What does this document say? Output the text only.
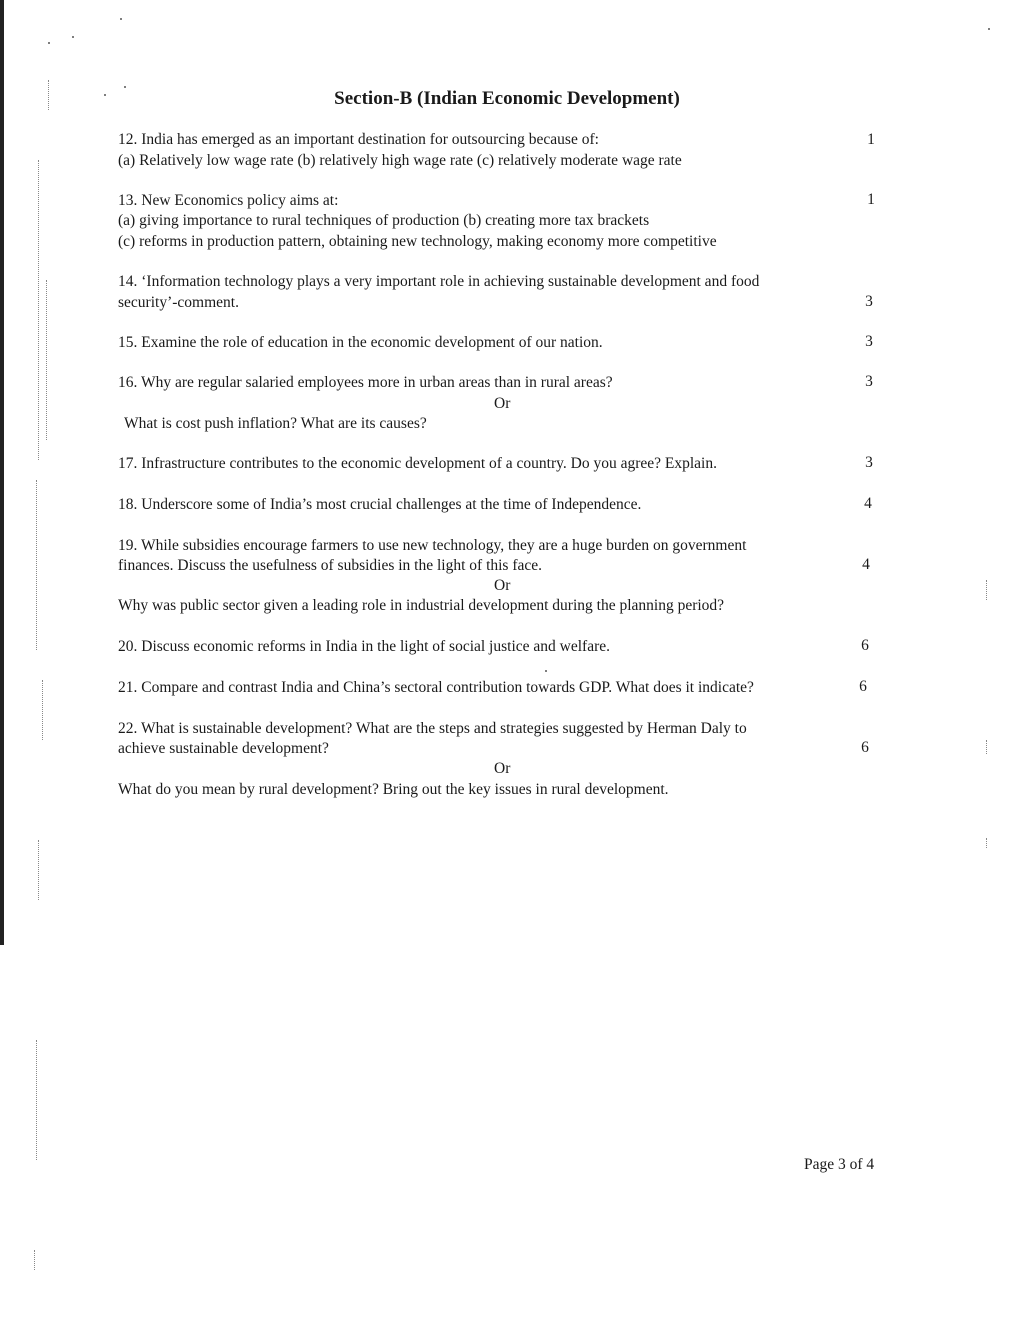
Section-B (Indian Economic Development)
12. India has emerged as an important destination for outsourcing because of:
(a) Relatively low wage rate (b) relatively high wage rate (c) relatively moderate wage rate
1
13. New Economics policy aims at:
(a) giving importance to rural techniques of production (b) creating more tax brackets
(c) reforms in production pattern, obtaining new technology, making economy more competitive
1
14. ‘Information technology plays a very important role in achieving sustainable development and food
security’-comment.	3
15. Examine the role of education in the economic development of our nation.	3
16. Why are regular salaried employees more in urban areas than in rural areas?
Or
What is cost push inflation? What are its causes?
3
17. Infrastructure contributes to the economic development of a country. Do you agree? Explain.	3
18. Underscore some of India’s most crucial challenges at the time of Independence.	4
19. While subsidies encourage farmers to use new technology, they are a huge burden on government
finances. Discuss the usefulness of subsidies in the light of this face.
Or
Why was public sector given a leading role in industrial development during the planning period?
4
20. Discuss economic reforms in India in the light of social justice and welfare.	6
21. Compare and contrast India and China’s sectoral contribution towards GDP. What does it indicate?	6
22. What is sustainable development? What are the steps and strategies suggested by Herman Daly to
achieve sustainable development?
Or
What do you mean by rural development? Bring out the key issues in rural development.
6
Page 3 of 4
